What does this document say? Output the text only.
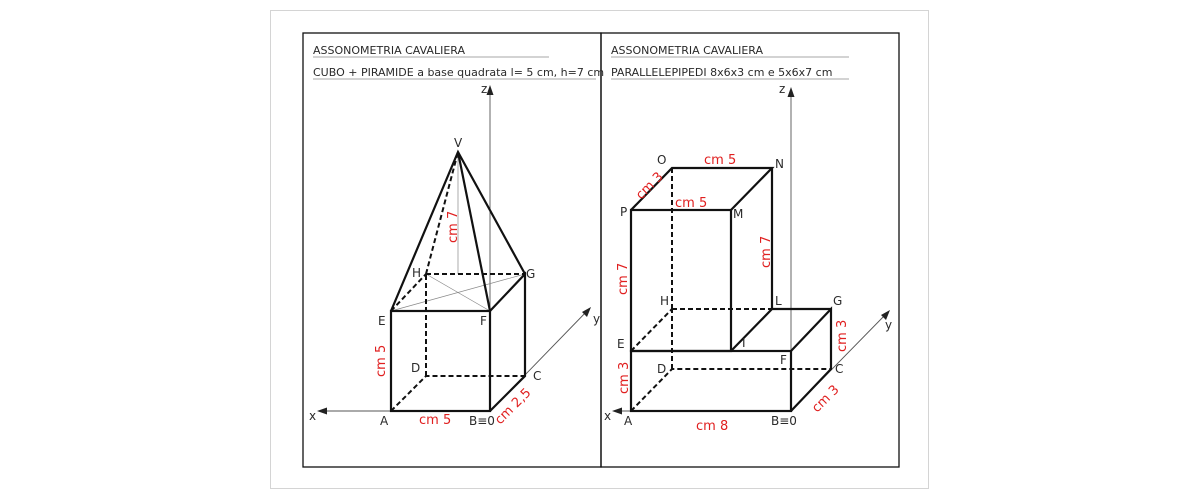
ASSONOMETRIA CAVALIERA
CUBO + PIRAMIDE a base quadrata l= 5 cm, h=7 cm
V
H	G
E	F
D
C
A	B≡0
x
y
z
cm 5	cm 2,5
cm 5
cm 7
ASSONOMETRIA CAVALIERA
PARALLELEPIPEDI 8x6x3 cm e 5x6x7 cm
O	N
P	M
H	L	G
E	I
F
D	C
A	B≡0
x
y
z
cm 8
cm 3
cm 3
cm 3
cm 7
cm 7
cm 3
cm 5
cm 5
